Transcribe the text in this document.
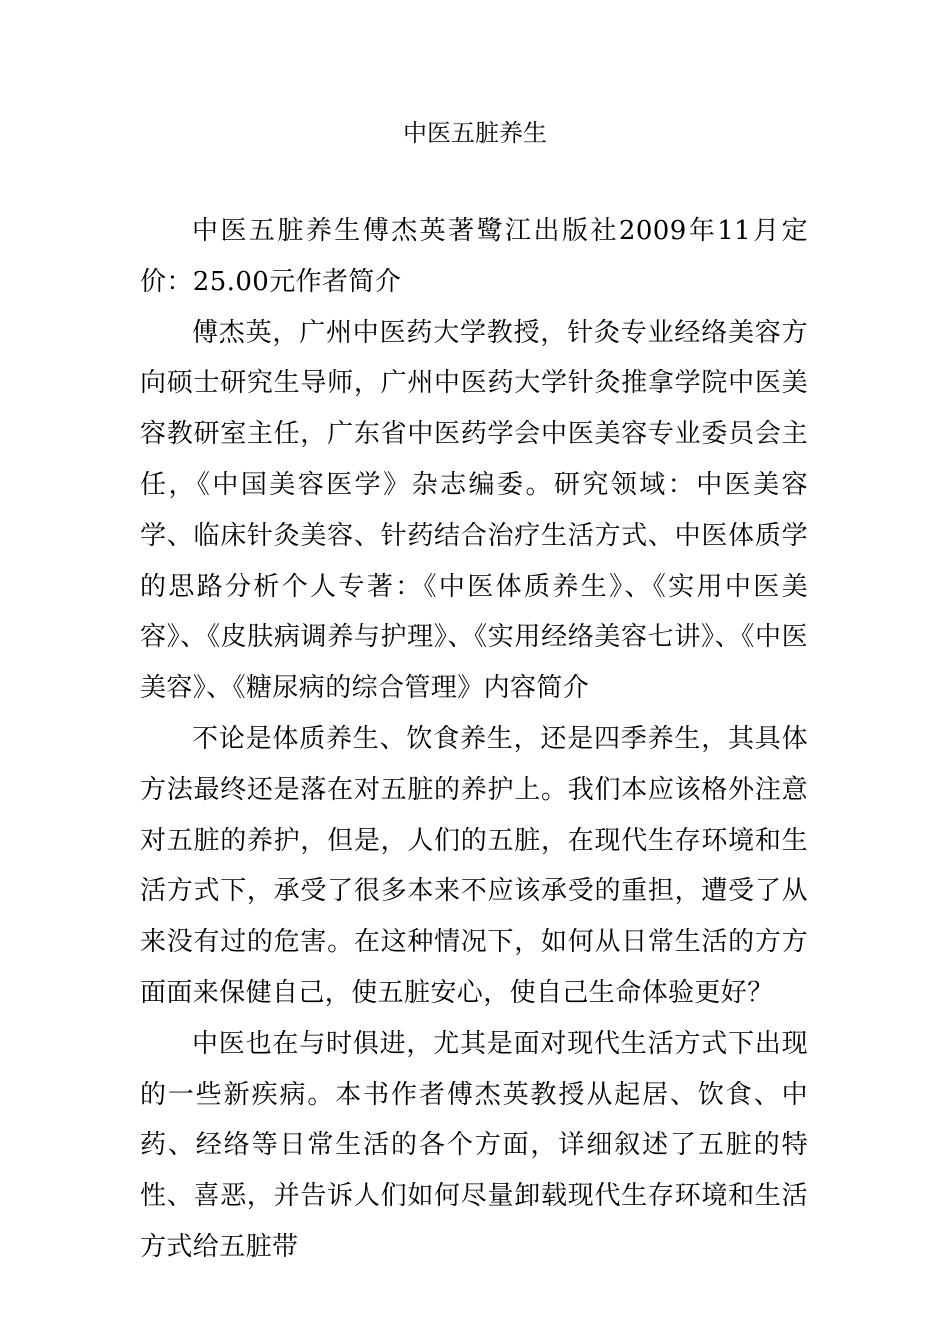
中医五脏养生

中医五脏养生傅杰英著鹭江出版社2009年11月定价：25.00元作者简介

傅杰英，广州中医药大学教授，针灸专业经络美容方向硕士研究生导师，广州中医药大学针灸推拿学院中医美容教研室主任，广东省中医药学会中医美容专业委员会主任，《中国美容医学》杂志编委。研究领域：中医美容学、临床针灸美容、针药结合治疗生活方式、中医体质学的思路分析个人专著：《中医体质养生》、《实用中医美容》、《皮肤病调养与护理》、《实用经络美容七讲》、《中医美容》、《糖尿病的综合管理》内容简介

不论是体质养生、饮食养生，还是四季养生，其具体方法最终还是落在对五脏的养护上。我们本应该格外注意对五脏的养护，但是，人们的五脏，在现代生存环境和生活方式下，承受了很多本来不应该承受的重担，遭受了从来没有过的危害。在这种情况下，如何从日常生活的方方面面来保健自己，使五脏安心，使自己生命体验更好？

中医也在与时俱进，尤其是面对现代生活方式下出现的一些新疾病。本书作者傅杰英教授从起居、饮食、中药、经络等日常生活的各个方面，详细叙述了五脏的特性、喜恶，并告诉人们如何尽量卸载现代生存环境和生活方式给五脏带
